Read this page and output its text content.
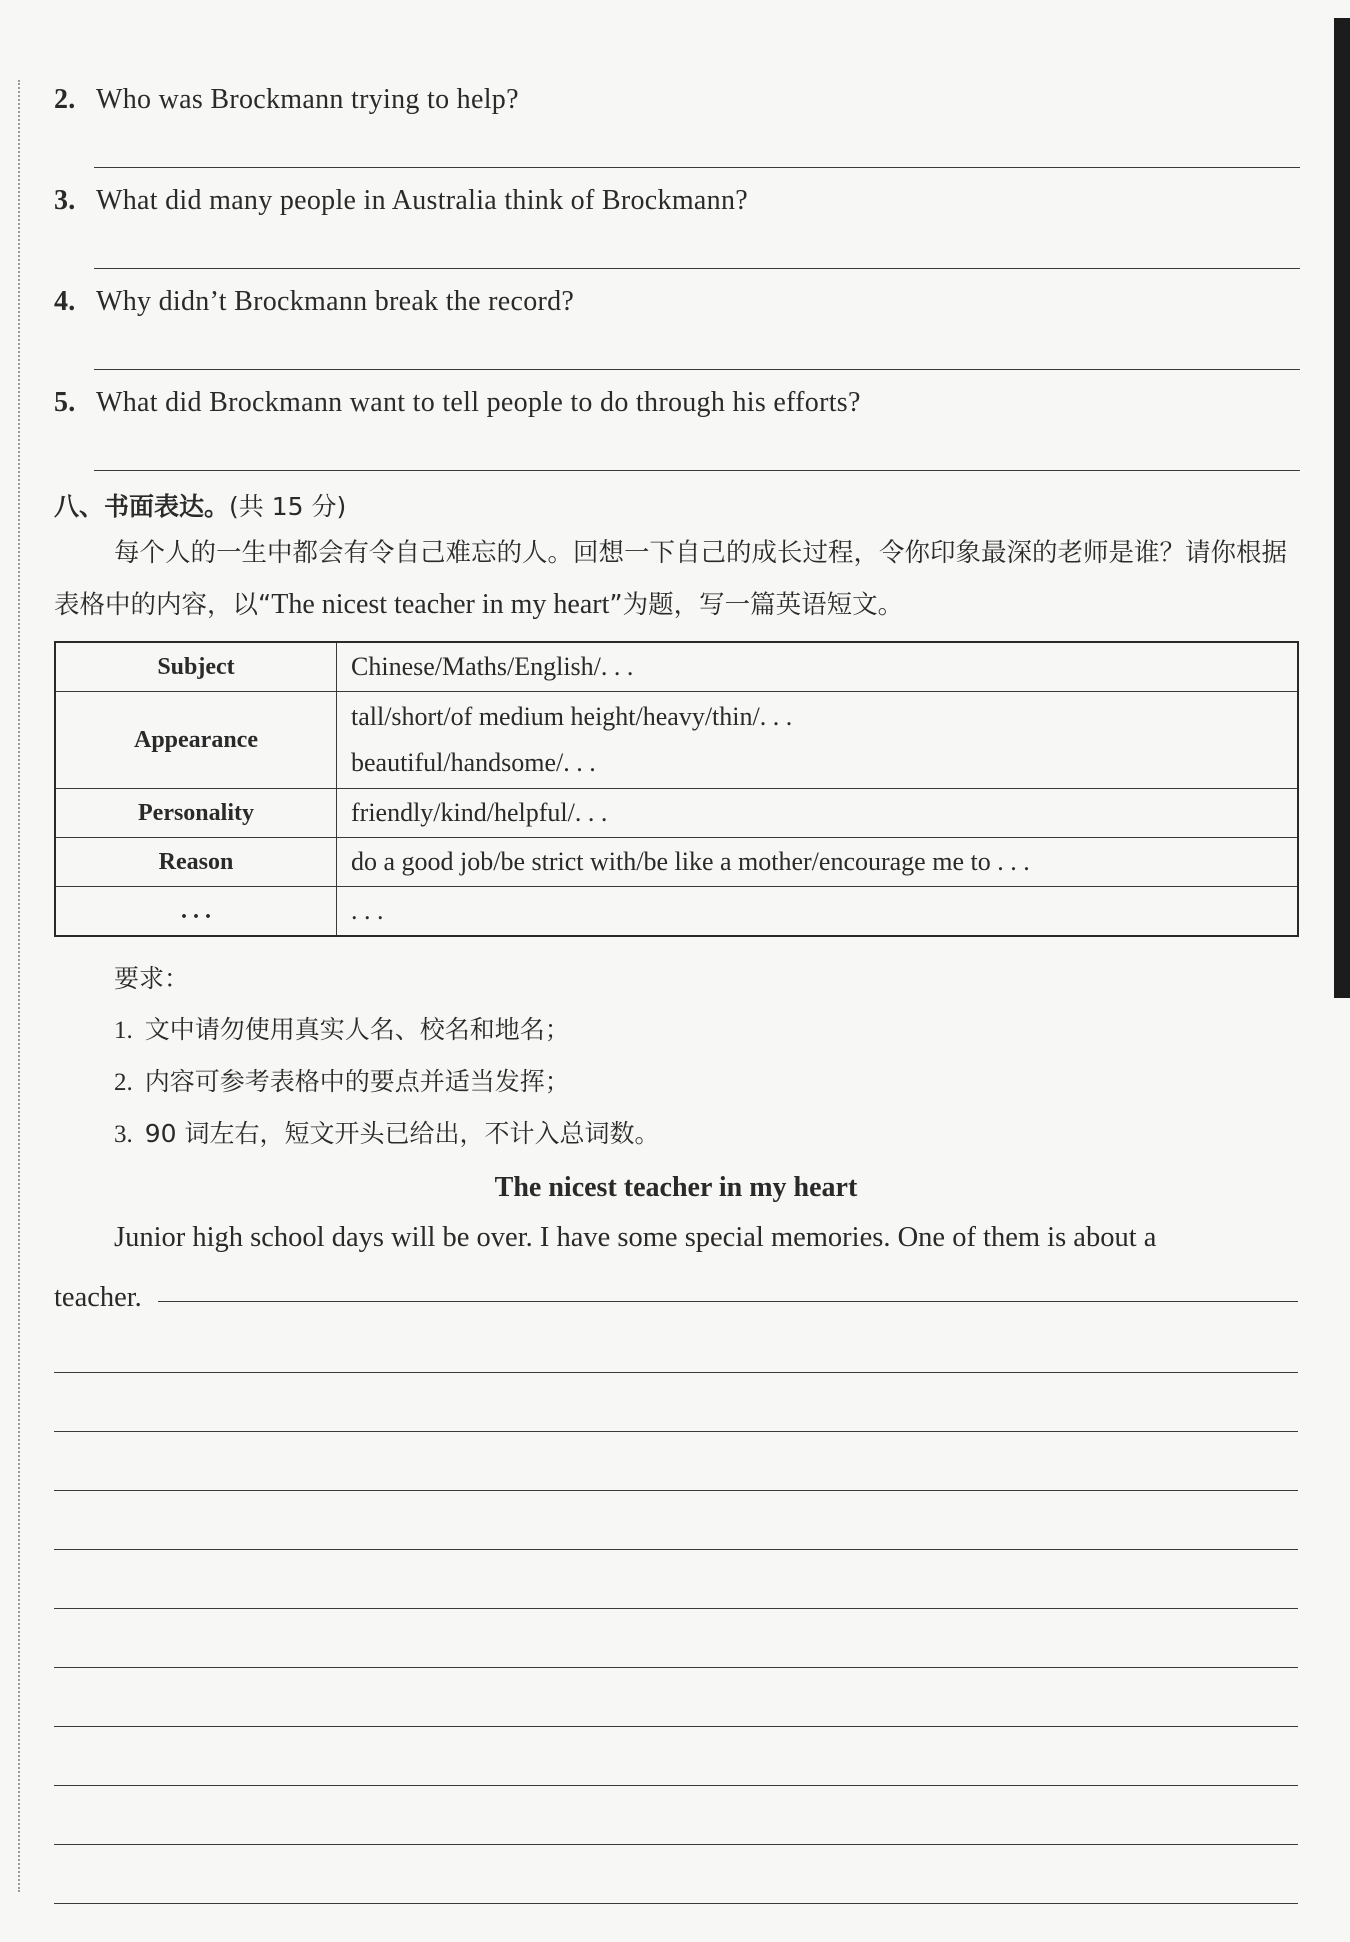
2. Who was Brockmann trying to help?
3. What did many people in Australia think of Brockmann?
4. Why didn’t Brockmann break the record?
5. What did Brockmann want to tell people to do through his efforts?
八、书面表达。(共 15 分)

每个人的一生中都会有令自己难忘的人。回想一下自己的成长过程，令你印象最深的老师是谁？请你根据表格中的内容，以“The nicest teacher in my heart”为题，写一篇英语短文。

Subject	Chinese/Maths/English/. . .

Appearance	tall/short/of medium height/heavy/thin/. . .
beautiful/handsome/. . .

Personality	friendly/kind/helpful/. . .

Reason	do a good job/be strict with/be like a mother/encourage me to . . .

. . .	. . .
要求：
1. 文中请勿使用真实人名、校名和地名；
2. 内容可参考表格中的要点并适当发挥；
3. 90 词左右，短文开头已给出，不计入总词数。
The nicest teacher in my heart

Junior high school days will be over. I have some special memories. One of them is about a

teacher.
